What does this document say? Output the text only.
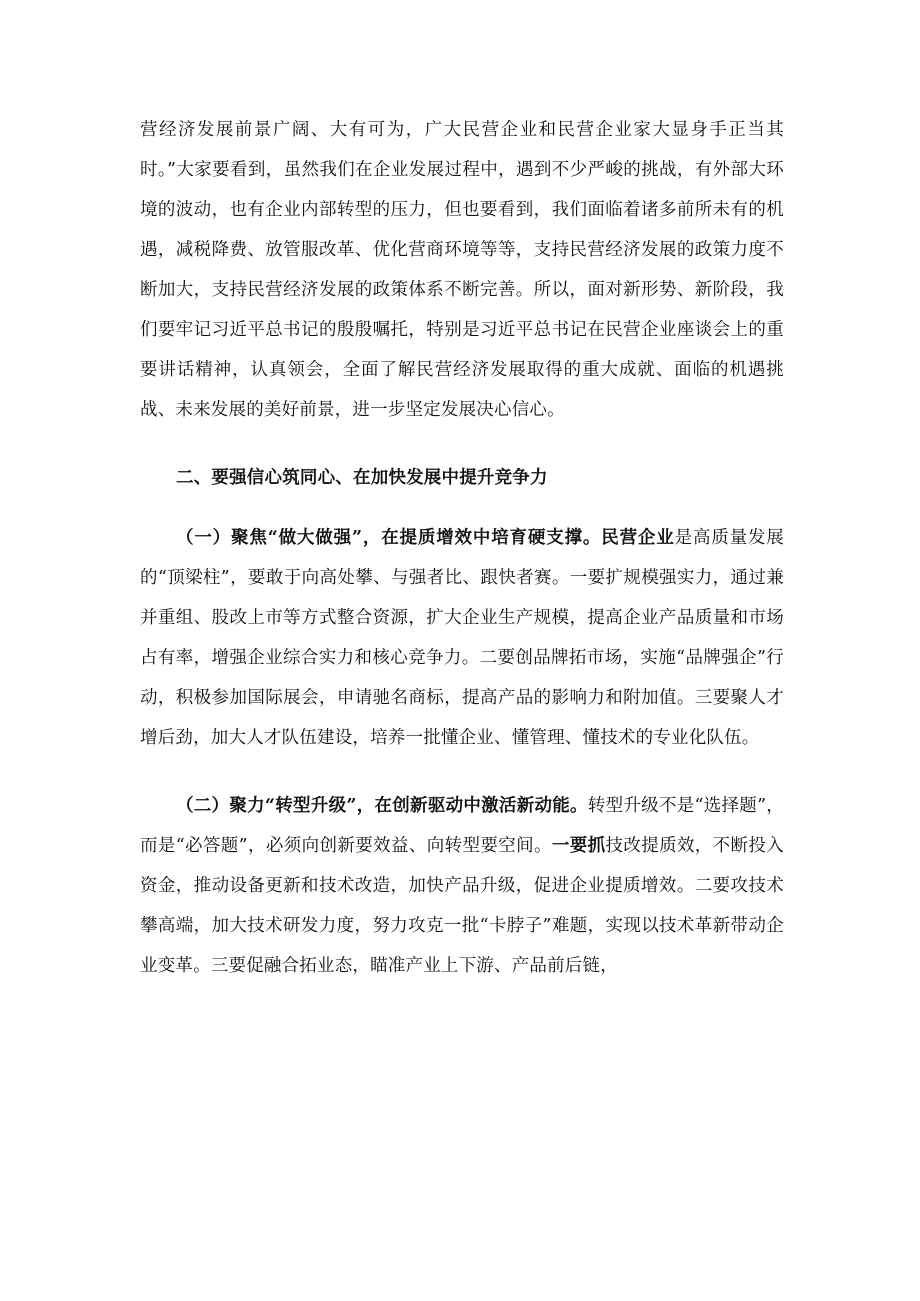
营经济发展前景广阔、大有可为，广大民营企业和民营企业家大显身手正当其时。”大家要看到，虽然我们在企业发展过程中，遇到不少严峻的挑战，有外部大环境的波动，也有企业内部转型的压力，但也要看到，我们面临着诸多前所未有的机遇，减税降费、放管服改革、优化营商环境等等，支持民营经济发展的政策力度不断加大，支持民营经济发展的政策体系不断完善。所以，面对新形势、新阶段，我们要牢记习近平总书记的殷殷嘱托，特别是习近平总书记在民营企业座谈会上的重要讲话精神，认真领会，全面了解民营经济发展取得的重大成就、面临的机遇挑战、未来发展的美好前景，进一步坚定发展决心信心。

二、要强信心筑同心、在加快发展中提升竞争力

（一）聚焦“做大做强”，在提质增效中培育硬支撑。民营企业是高质量发展的“顶梁柱”，要敢于向高处攀、与强者比、跟快者赛。一要扩规模强实力，通过兼并重组、股改上市等方式整合资源，扩大企业生产规模，提高企业产品质量和市场占有率，增强企业综合实力和核心竞争力。二要创品牌拓市场，实施“品牌强企”行动，积极参加国际展会，申请驰名商标，提高产品的影响力和附加值。三要聚人才增后劲，加大人才队伍建设，培养一批懂企业、懂管理、懂技术的专业化队伍。

（二）聚力“转型升级”，在创新驱动中激活新动能。转型升级不是“选择题”，而是“必答题”，必须向创新要效益、向转型要空间。一要抓技改提质效，不断投入资金，推动设备更新和技术改造，加快产品升级，促进企业提质增效。二要攻技术攀高端，加大技术研发力度，努力攻克一批“卡脖子”难题，实现以技术革新带动企业变革。三要促融合拓业态，瞄准产业上下游、产品前后链，
